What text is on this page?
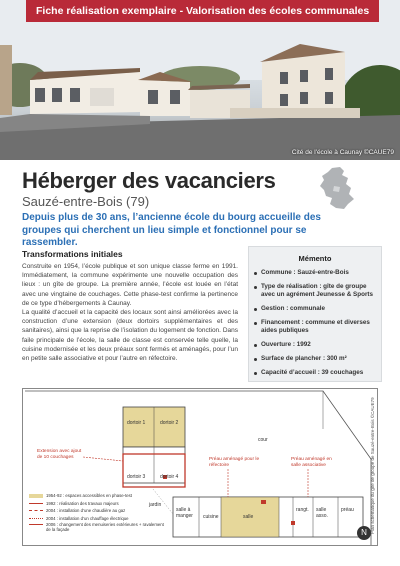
Fiche réalisation exemplaire - Valorisation des écoles communales
Cité de l'école à Caunay ©CAUE79
Héberger des vacanciers
Sauzé-entre-Bois (79)
Depuis plus de 30 ans, l’ancienne école du bourg accueille des groupes qui cherchent un lieu simple et fonctionnel pour se rassembler.
Transformations initiales
Construite en 1954, l’école publique et son unique classe ferme en 1991. Immédiatement, la commune expérimente une nouvelle occupation des lieux : un gîte de groupe. La première année, l’école est louée en l’état avec une vingtaine de couchages. Cette phase-test confirme la pertinence de ce type d’hébergements à Caunay.
La qualité d’accueil et la capacité des locaux sont ainsi améliorées avec la construction d’une extension (deux dortoirs supplémentaires et des sanitaires), ainsi que la reprise de l’isolation du logement de fonction. Dans faile principale de l’école, la salle de classe est conservée telle quelle, la cuisine modernisée et les deux préaux sont fermés et aménagés, pour l’un en petite salle associative et pour l’autre en réfectoire.
Mémento
Commune : Sauzé-entre-Bois
Type de réalisation : gîte de groupe avec un agrément Jeunesse & Sports
Gestion : communale
Financement : commune et diverses aides publiques
Ouverture : 1992
Surface de plancher : 300 m²
Capacité d’accueil : 39 couchages
dortoir 1	dortoir 2
dortoir 3	dortoir 4
cour
jardin
salle à manger	cuisine	salle
salle asso.
rangt.	préau
Extension avec ajout de 10 couchages	Préau aménagé pour le réfectoire
Préau aménagé en salle associative
1954-92 : espaces accessibles en phase-test
1992 : réalisation des travaux majeurs
2004 : installation d’une chaudière au gaz
2004 : installation d’un chauffage électrique
2006 : changement des menuiseries extérieures + ravalement de la façade	N Plan schématique du gîte de groupe de Sauzé-entre-Bois ©CAUE79
